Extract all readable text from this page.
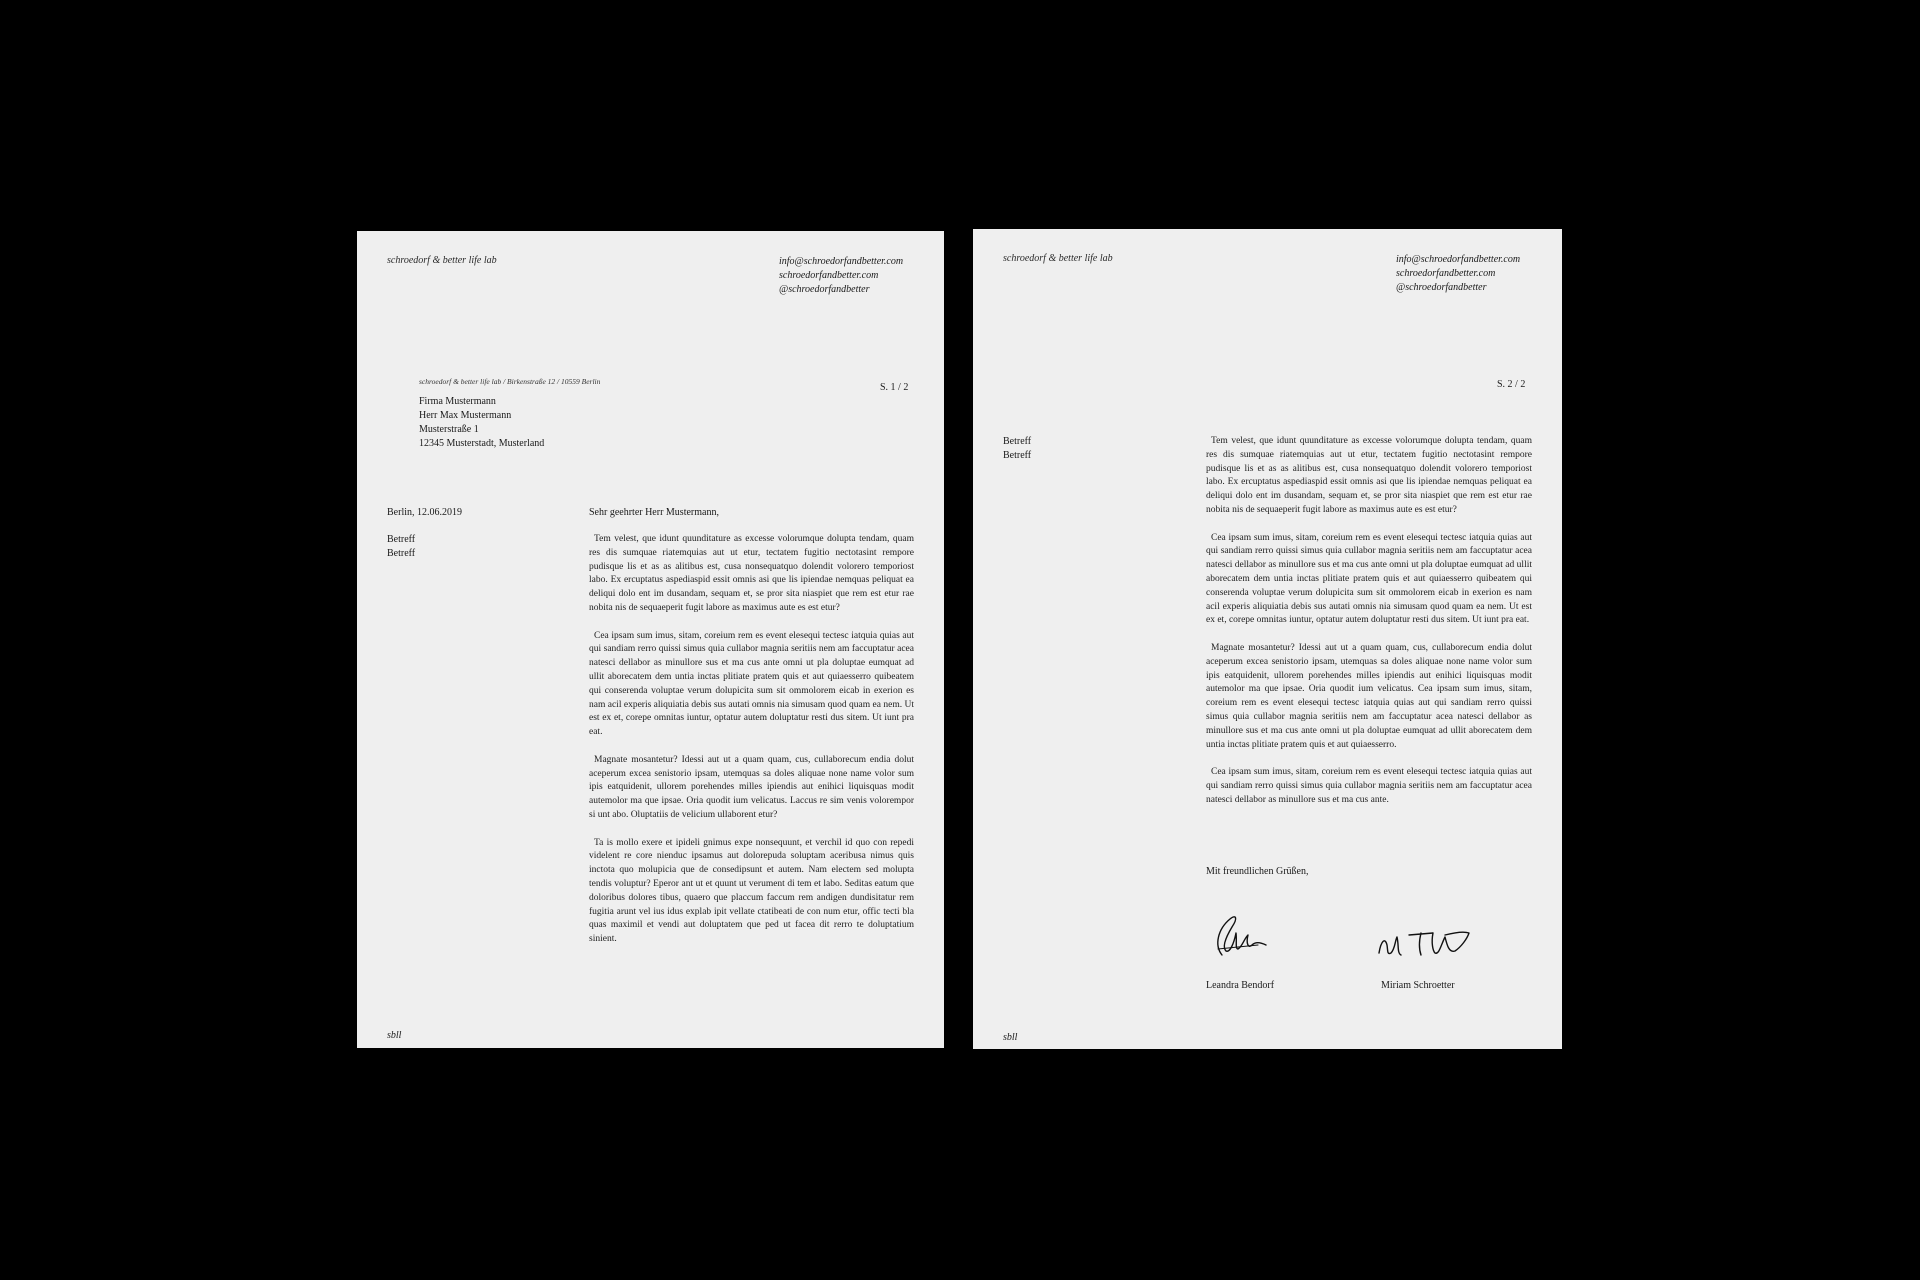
schroedorf & better life lab	info@schroedorfandbetter.com
schroedorfandbetter.com
@schroedorfandbetter
schroedorf & better life lab / Birkenstraße 12 / 10559 Berlin
S. 1 / 2
Firma Mustermann
Herr Max Mustermann
Musterstraße 1
12345 Musterstadt, Musterland
Berlin, 12.06.2019
Betreff
Betreff
Sehr geehrter Herr Mustermann,

Tem velest, que idunt quunditature as excesse volorumque dolupta tendam, quam res dis sumquae riatemquias aut ut etur, tectatem fugitio nectotasint rempore pudisque lis et as as alitibus est, cusa nonsequatquo dolendit volorero temporiost labo. Ex ercuptatus aspediaspid essit omnis asi que lis ipiendae nemquas peliquat ea deliqui dolo ent im dusandam, sequam et, se pror sita niaspiet que rem est etur rae nobita nis de sequaeperit fugit labore as maximus aute es est etur?

Cea ipsam sum imus, sitam, coreium rem es event elesequi tectesc iatquia quias aut qui sandiam rerro quissi simus quia cullabor magnia seritiis nem am faccuptatur acea natesci dellabor as minullore sus et ma cus ante omni ut pla doluptae eumquat ad ullit aborecatem dem untia inctas plitiate pratem quis et aut quiaesserro quibeatem qui conserenda voluptae verum dolupicita sum sit ommolorem eicab in exerion es nam acil experis aliquiatia debis sus autati omnis nia simusam quod quam ea nem. Ut est ex et, corepe omnitas iuntur, optatur autem doluptatur resti dus sitem. Ut iunt pra eat.

Magnate mosantetur? Idessi aut ut a quam quam, cus, cullaborecum endia dolut aceperum excea senistorio ipsam, utemquas sa doles aliquae none name volor sum ipis eatquidenit, ullorem porehendes milles ipiendis aut enihici liquisquas modit autemolor ma que ipsae. Oria quodit ium velicatus. Laccus re sim venis volorempor si unt abo. Oluptatiis de velicium ullaborent etur?

Ta is mollo exere et ipideli gnimus expe nonsequunt, et verchil id quo con repedi videlent re core nienduc ipsamus aut dolorepuda soluptam aceribusa nimus quis inctota quo molupicia que de consedipsunt et autem. Nam electem sed molupta tendis voluptur? Eperor ant ut et quunt ut verument di tem et labo. Seditas eatum que doloribus dolores tibus, quaero que placcum faccum rem andigen dundisitatur rem fugitia arunt vel ius idus explab ipit vellate ctatibeati de con num etur, offic tecti bla quas maximil et vendi aut doluptatem que ped ut facea dit rerro te doluptatium sinient.

sbll
schroedorf & better life lab	info@schroedorfandbetter.com
schroedorfandbetter.com
@schroedorfandbetter
S. 2 / 2
Betreff
Betreff

Tem velest, que idunt quunditature as excesse volorumque dolupta tendam, quam res dis sumquae riatemquias aut ut etur, tectatem fugitio nectotasint rempore pudisque lis et as as alitibus est, cusa nonsequatquo dolendit volorero temporiost labo. Ex ercuptatus aspediaspid essit omnis asi que lis ipiendae nemquas peliquat ea deliqui dolo ent im dusandam, sequam et, se pror sita niaspiet que rem est etur rae nobita nis de sequaeperit fugit labore as maximus aute es est etur?

Cea ipsam sum imus, sitam, coreium rem es event elesequi tectesc iatquia quias aut qui sandiam rerro quissi simus quia cullabor magnia seritiis nem am faccuptatur acea natesci dellabor as minullore sus et ma cus ante omni ut pla doluptae eumquat ad ullit aborecatem dem untia inctas plitiate pratem quis et aut quiaesserro quibeatem qui conserenda voluptae verum dolupicita sum sit ommolorem eicab in exerion es nam acil experis aliquiatia debis sus autati omnis nia simusam quod quam ea nem. Ut est ex et, corepe omnitas iuntur, optatur autem doluptatur resti dus sitem. Ut iunt pra eat.

Magnate mosantetur? Idessi aut ut a quam quam, cus, cullaborecum endia dolut aceperum excea senistorio ipsam, utemquas sa doles aliquae none name volor sum ipis eatquidenit, ullorem porehendes milles ipiendis aut enihici liquisquas modit autemolor ma que ipsae. Oria quodit ium velicatus. Cea ipsam sum imus, sitam, coreium rem es event elesequi tectesc iatquia quias aut qui sandiam rerro quissi simus quia cullabor magnia seritiis nem am faccuptatur acea natesci dellabor as minullore sus et ma cus ante omni ut pla doluptae eumquat ad ullit aborecatem dem untia inctas plitiate pratem quis et aut quiaesserro.

Cea ipsam sum imus, sitam, coreium rem es event elesequi tectesc iatquia quias aut qui sandiam rerro quissi simus quia cullabor magnia seritiis nem am faccuptatur acea natesci dellabor as minullore sus et ma cus ante.

Mit freundlichen Grüßen,
Leandra Bendorf	Miriam Schroetter
sbll
